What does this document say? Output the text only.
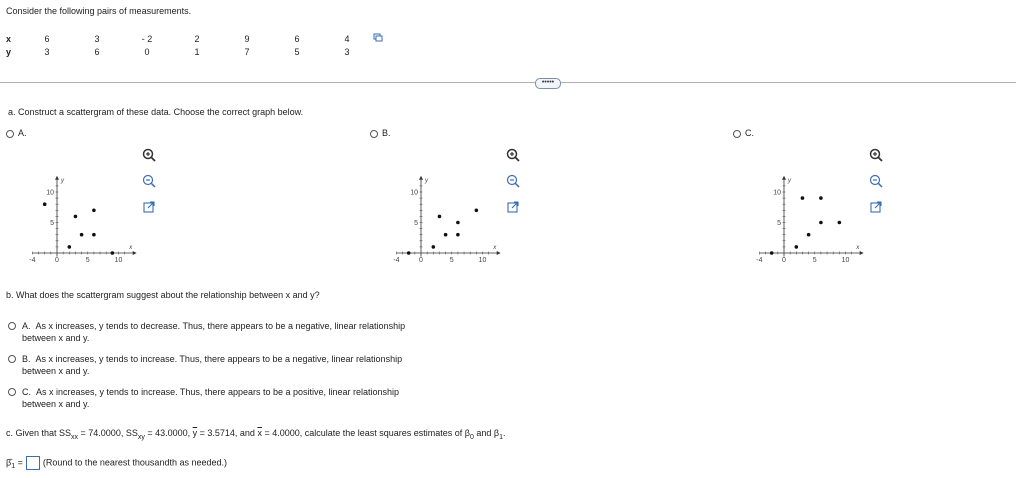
Consider the following pairs of measurements.
x	6	3	- 2	2	9	6	4
y	3	6	0	1	7	5	3
•••••
a. Construct a scattergram of these data. Choose the correct graph below.
A.	B.	C.
-4	0	5	10
5
10
x
y
-4	0	5	10
5
10
x
y
-4	0	5	10
5
10
x
y
b. What does the scattergram suggest about the relationship between x and y?
A. As x increases, y tends to decrease. Thus, there appears to be a negative, linear relationship between x and y.
B. As x increases, y tends to increase. Thus, there appears to be a negative, linear relationship between x and y.
C. As x increases, y tends to increase. Thus, there appears to be a positive, linear relationship between x and y.
c. Given that $SS_{xx} = 74.0000$, $SS_{xy} = 43.0000$, $\overline{y} = 3.5714$, and $\overline{x} = 4.0000$, calculate the least squares estimates of $\beta_0$ and $\beta_1$.
$\betâ_1$ = (Round to the nearest thousandth as needed.)
